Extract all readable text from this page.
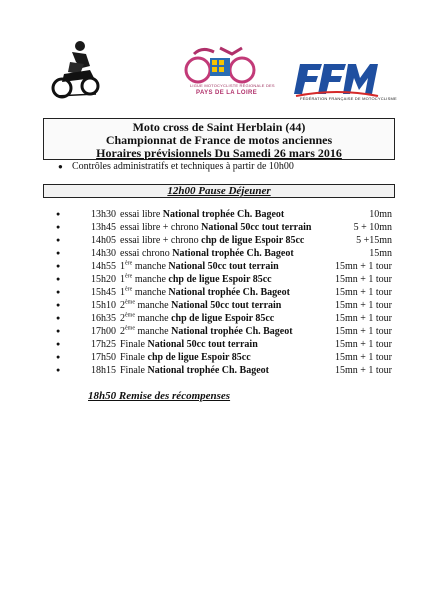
LIGUE MOTOCYCLISTE RÉGIONALE DES
PAYS DE LA LOIRE
FÉDÉRATION FRANÇAISE DE MOTOCYCLISME
Moto cross de Saint Herblain (44)
Championnat de France de motos anciennes
Horaires prévisionnels Du Samedi 26 mars 2016
● Contrôles administratifs et techniques à partir de 10h00
12h00 Pause Déjeuner
●	13h30 essai libre National trophée Ch. Bageot	10mn
●	13h45 essai libre + chrono National 50cc tout terrain	5 + 10mn
●	14h05 essai libre + chrono chp de ligue Espoir 85cc	5 +15mn
●	14h30 essai chrono National trophée Ch. Bageot	15mn
●	14h55 1ère manche National 50cc tout terrain	15mn + 1 tour
●	15h20 1ère manche chp de ligue Espoir 85cc	15mn + 1 tour
●	15h45 1ère manche National trophée Ch. Bageot	15mn + 1 tour
●	15h10 2ème manche National 50cc tout terrain	15mn + 1 tour
●	16h35 2ème manche chp de ligue Espoir 85cc	15mn + 1 tour
●	17h00 2ème manche National trophée Ch. Bageot	15mn + 1 tour
●	17h25 Finale National 50cc tout terrain	15mn + 1 tour
●	17h50 Finale chp de ligue Espoir 85cc	15mn + 1 tour
●	18h15 Finale National trophée Ch. Bageot	15mn + 1 tour
18h50 Remise des récompenses
